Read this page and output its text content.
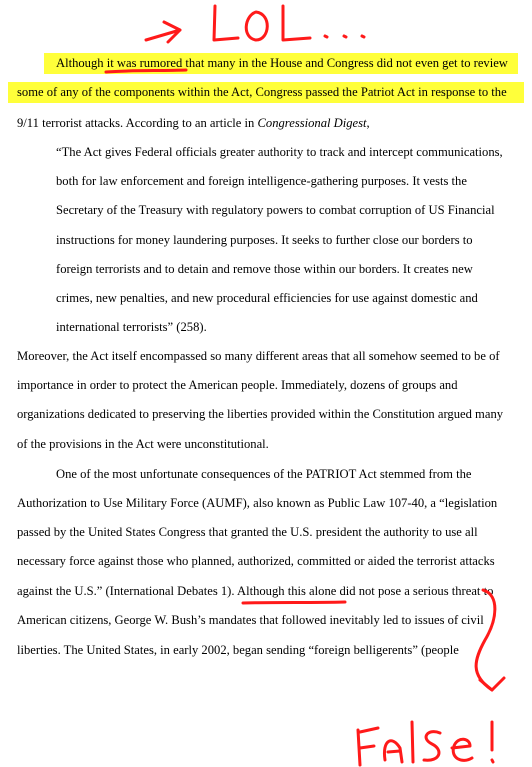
Although it was rumored that many in the House and Congress did not even get to review
some of any of the components within the Act, Congress passed the Patriot Act in response to the
9/11 terrorist attacks. According to an article in Congressional Digest,
“The Act gives Federal officials greater authority to track and intercept communications,
both for law enforcement and foreign intelligence-gathering purposes. It vests the
Secretary of the Treasury with regulatory powers to combat corruption of US Financial
instructions for money laundering purposes. It seeks to further close our borders to
foreign terrorists and to detain and remove those within our borders. It creates new
crimes, new penalties, and new procedural efficiencies for use against domestic and
international terrorists” (258).
Moreover, the Act itself encompassed so many different areas that all somehow seemed to be of
importance in order to protect the American people. Immediately, dozens of groups and
organizations dedicated to preserving the liberties provided within the Constitution argued many
of the provisions in the Act were unconstitutional.
One of the most unfortunate consequences of the PATRIOT Act stemmed from the
Authorization to Use Military Force (AUMF), also known as Public Law 107-40, a “legislation
passed by the United States Congress that granted the U.S. president the authority to use all
necessary force against those who planned, authorized, committed or aided the terrorist attacks
against the U.S.” (International Debates 1). Although this alone did not pose a serious threat to
American citizens, George W. Bush’s mandates that followed inevitably led to issues of civil
liberties. The United States, in early 2002, began sending “foreign belligerents” (people
